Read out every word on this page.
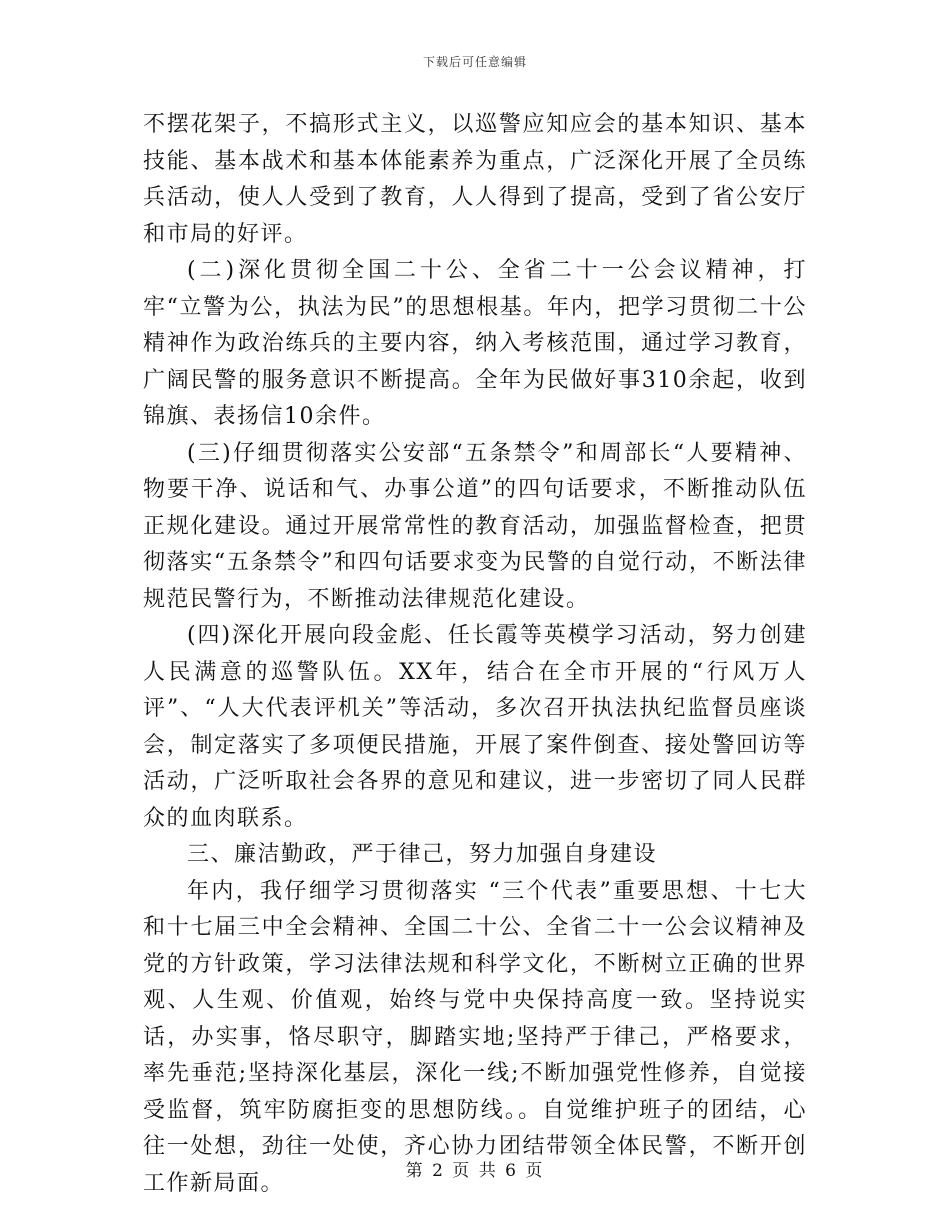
下载后可任意编辑

不摆花架子，不搞形式主义，以巡警应知应会的基本知识、基本技能、基本战术和基本体能素养为重点，广泛深化开展了全员练兵活动，使人人受到了教育，人人得到了提高，受到了省公安厅和市局的好评。

(二)深化贯彻全国二十公、全省二十一公会议精神，打牢“立警为公，执法为民”的思想根基。年内，把学习贯彻二十公精神作为政治练兵的主要内容，纳入考核范围，通过学习教育，广阔民警的服务意识不断提高。全年为民做好事310余起，收到锦旗、表扬信10余件。

(三)仔细贯彻落实公安部“五条禁令”和周部长“人要精神、物要干净、说话和气、办事公道”的四句话要求，不断推动队伍正规化建设。通过开展常常性的教育活动，加强监督检查，把贯彻落实“五条禁令”和四句话要求变为民警的自觉行动，不断法律规范民警行为，不断推动法律规范化建设。

(四)深化开展向段金彪、任长霞等英模学习活动，努力创建人民满意的巡警队伍。XX年，结合在全市开展的“行风万人评”、“人大代表评机关”等活动，多次召开执法执纪监督员座谈会，制定落实了多项便民措施，开展了案件倒查、接处警回访等活动，广泛听取社会各界的意见和建议，进一步密切了同人民群众的血肉联系。

三、廉洁勤政，严于律己，努力加强自身建设

年内，我仔细学习贯彻落实 “三个代表”重要思想、十七大和十七届三中全会精神、全国二十公、全省二十一公会议精神及党的方针政策，学习法律法规和科学文化，不断树立正确的世界观、人生观、价值观，始终与党中央保持高度一致。坚持说实话，办实事，恪尽职守，脚踏实地;坚持严于律己，严格要求，率先垂范;坚持深化基层，深化一线;不断加强党性修养，自觉接受监督，筑牢防腐拒变的思想防线。。自觉维护班子的团结，心往一处想，劲往一处使，齐心协力团结带领全体民警，不断开创工作新局面。	第 2 页 共 6 页
